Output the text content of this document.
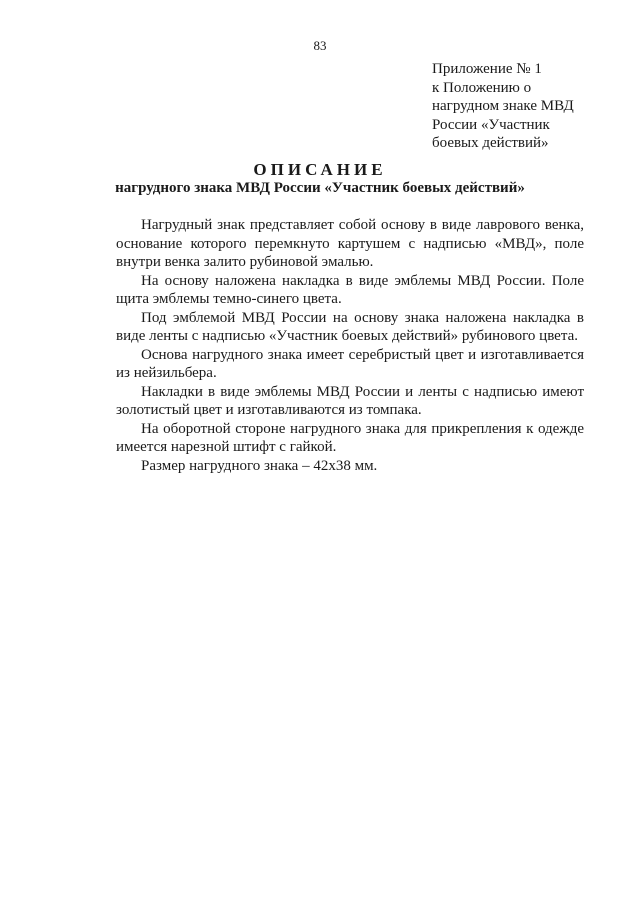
83
Приложение № 1
к Положению о
нагрудном знаке МВД
России «Участник
боевых действий»
ОПИСАНИЕ
нагрудного знака МВД России «Участник боевых действий»

Нагрудный знак представляет собой основу в виде лаврового венка, основание которого перемкнуто картушем с надписью «МВД», поле внутри венка залито рубиновой эмалью.

На основу наложена накладка в виде эмблемы МВД России. Поле щита эмблемы темно-синего цвета.

Под эмблемой МВД России на основу знака наложена накладка в виде ленты с надписью «Участник боевых действий» рубинового цвета.

Основа нагрудного знака имеет серебристый цвет и изготавливается из нейзильбера.

Накладки в виде эмблемы МВД России и ленты с надписью имеют золотистый цвет и изготавливаются из томпака.

На оборотной стороне нагрудного знака для прикрепления к одежде имеется нарезной штифт с гайкой.

Размер нагрудного знака – 42x38 мм.
